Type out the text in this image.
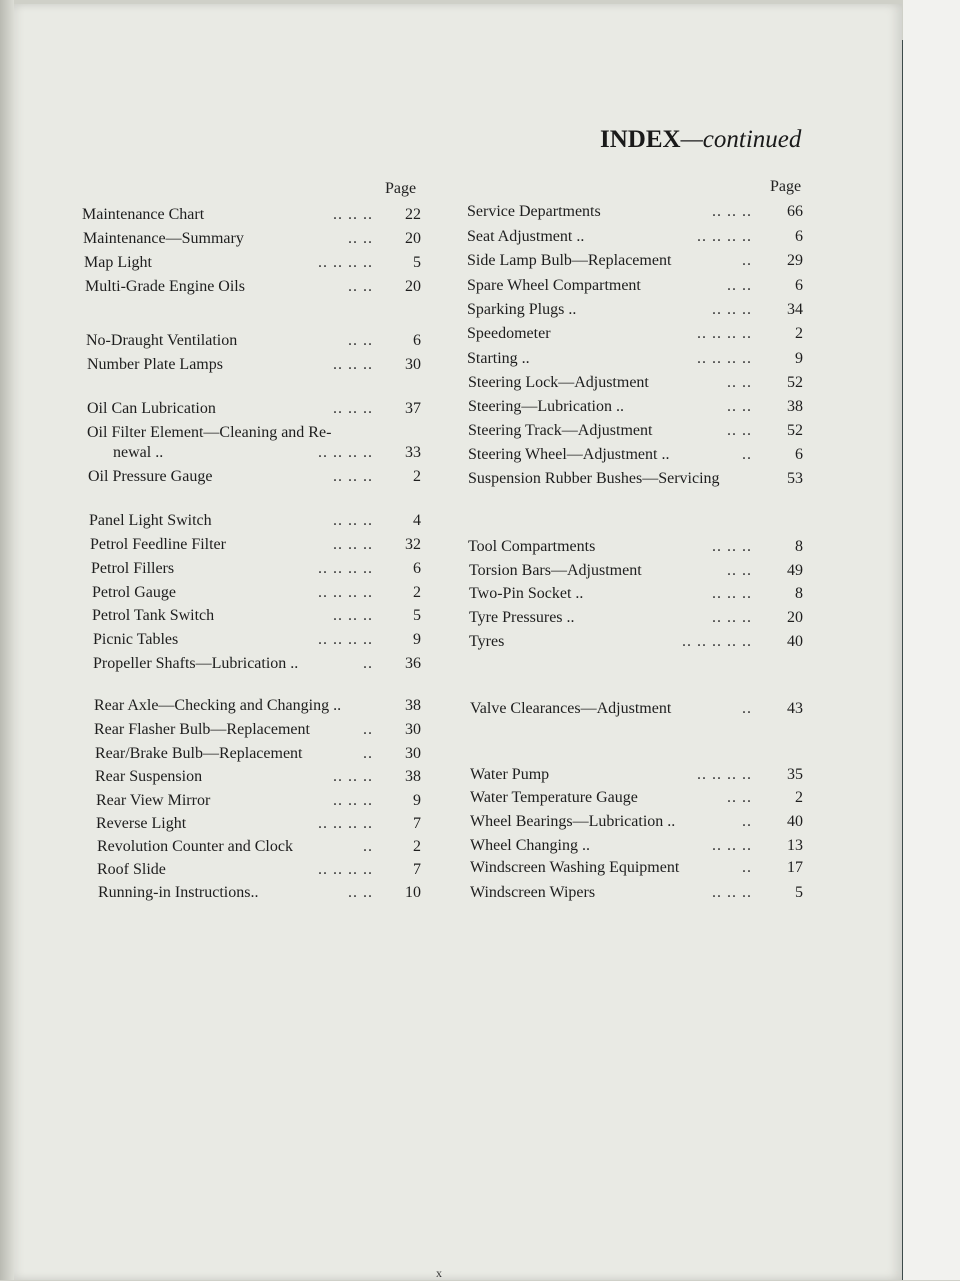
INDEX—continued
Page	Page
Maintenance Chart	.. .. ..	22
Maintenance—Summary	.. ..	20
Map Light	.. .. .. ..	5
Multi-Grade Engine Oils	.. ..	20
No-Draught Ventilation	.. ..	6
Number Plate Lamps	.. .. ..	30
Oil Can Lubrication	.. .. ..	37
Oil Filter Element—Cleaning and Re-
newal ..	.. .. .. ..	33
Oil Pressure Gauge	.. .. ..	2
Panel Light Switch	.. .. ..	4
Petrol Feedline Filter	.. .. ..	32
Petrol Fillers	.. .. .. ..	6
Petrol Gauge	.. .. .. ..	2
Petrol Tank Switch	.. .. ..	5
Picnic Tables	.. .. .. ..	9
Propeller Shafts—Lubrication ..	..	36
Rear Axle—Checking and Changing ..	38
Rear Flasher Bulb—Replacement	..	30
Rear/Brake Bulb—Replacement	..	30
Rear Suspension	.. .. ..	38
Rear View Mirror	.. .. ..	9
Reverse Light	.. .. .. ..	7
Revolution Counter and Clock	..	2
Roof Slide	.. .. .. ..	7
Running-in Instructions..	.. ..	10
Service Departments	.. .. ..	66
Seat Adjustment ..	.. .. .. ..	6
Side Lamp Bulb—Replacement	..	29
Spare Wheel Compartment	.. ..	6
Sparking Plugs ..	.. .. ..	34
Speedometer	.. .. .. ..	2
Starting ..	.. .. .. ..	9
Steering Lock—Adjustment	.. ..	52
Steering—Lubrication ..	.. ..	38
Steering Track—Adjustment	.. ..	52
Steering Wheel—Adjustment ..	..	6
Suspension Rubber Bushes—Servicing	53
Tool Compartments	.. .. ..	8
Torsion Bars—Adjustment	.. ..	49
Two-Pin Socket ..	.. .. ..	8
Tyre Pressures ..	.. .. ..	20
Tyres	.. .. .. .. ..	40
Valve Clearances—Adjustment	..	43
Water Pump	.. .. .. ..	35
Water Temperature Gauge	.. ..	2
Wheel Bearings—Lubrication ..	..	40
Wheel Changing ..	.. .. ..	13
Windscreen Washing Equipment	..	17
Windscreen Wipers	.. .. ..	5
x
